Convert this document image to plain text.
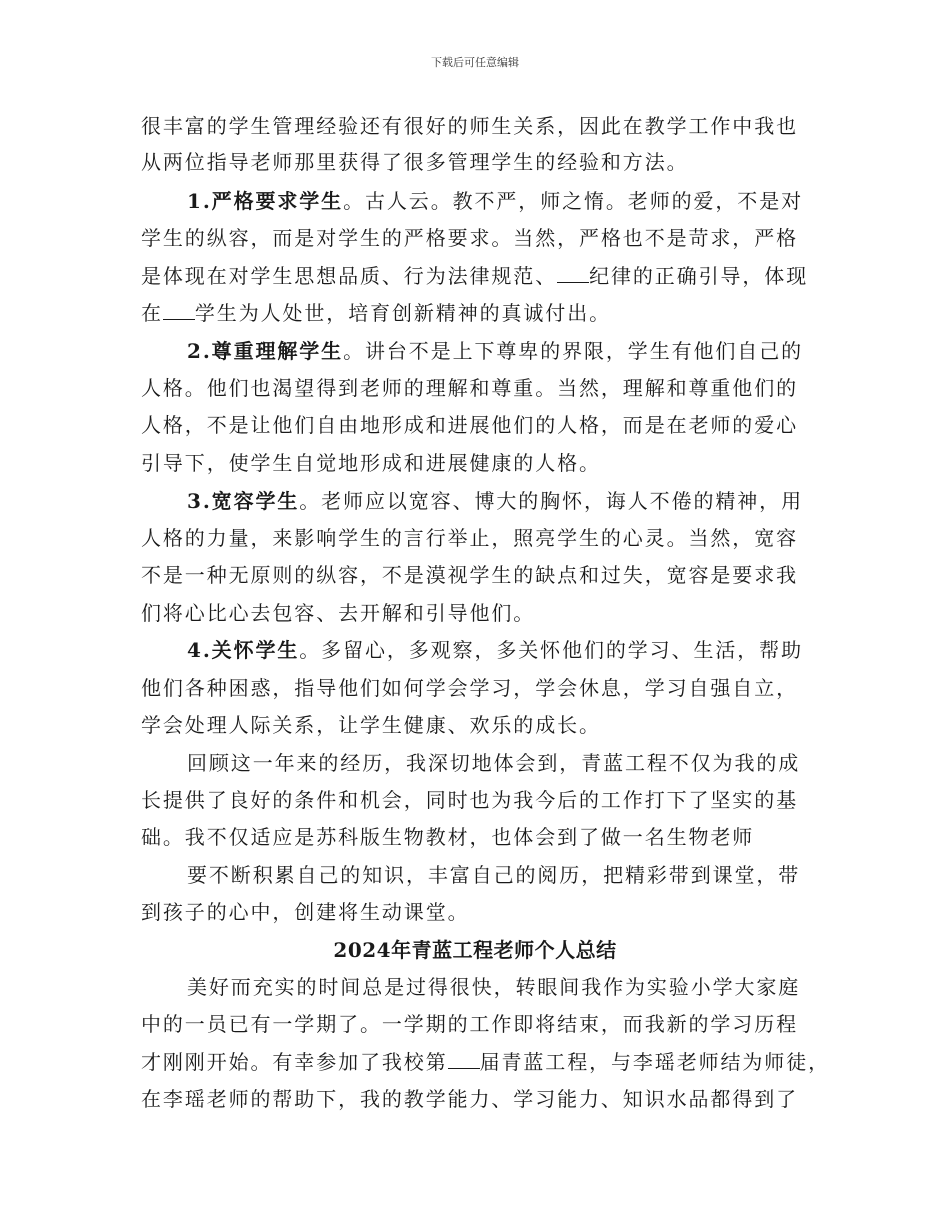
下载后可任意编辑
很丰富的学生管理经验还有很好的师生关系，因此在教学工作中我也
从两位指导老师那里获得了很多管理学生的经验和方法。
1.严格要求学生。古人云。教不严，师之惰。老师的爱，不是对
学生的纵容，而是对学生的严格要求。当然，严格也不是苛求，严格
是体现在对学生思想品质、行为法律规范、 纪律的正确引导，体现
在 学生为人处世，培育创新精神的真诚付出。
2.尊重理解学生。讲台不是上下尊卑的界限，学生有他们自己的
人格。他们也渴望得到老师的理解和尊重。当然，理解和尊重他们的
人格，不是让他们自由地形成和进展他们的人格，而是在老师的爱心
引导下，使学生自觉地形成和进展健康的人格。
3.宽容学生。老师应以宽容、博大的胸怀，诲人不倦的精神，用
人格的力量，来影响学生的言行举止，照亮学生的心灵。当然，宽容
不是一种无原则的纵容，不是漠视学生的缺点和过失，宽容是要求我
们将心比心去包容、去开解和引导他们。
4.关怀学生。多留心，多观察，多关怀他们的学习、生活，帮助
他们各种困惑，指导他们如何学会学习，学会休息，学习自强自立，
学会处理人际关系，让学生健康、欢乐的成长。
回顾这一年来的经历，我深切地体会到，青蓝工程不仅为我的成
长提供了良好的条件和机会，同时也为我今后的工作打下了坚实的基
础。我不仅适应是苏科版生物教材，也体会到了做一名生物老师
要不断积累自己的知识，丰富自己的阅历，把精彩带到课堂，带
到孩子的心中，创建将生动课堂。
2024年青蓝工程老师个人总结
美好而充实的时间总是过得很快，转眼间我作为实验小学大家庭
中的一员已有一学期了。一学期的工作即将结束，而我新的学习历程
才刚刚开始。有幸参加了我校第 届青蓝工程，与李瑶老师结为师徒，
在李瑶老师的帮助下，我的教学能力、学习能力、知识水品都得到了
